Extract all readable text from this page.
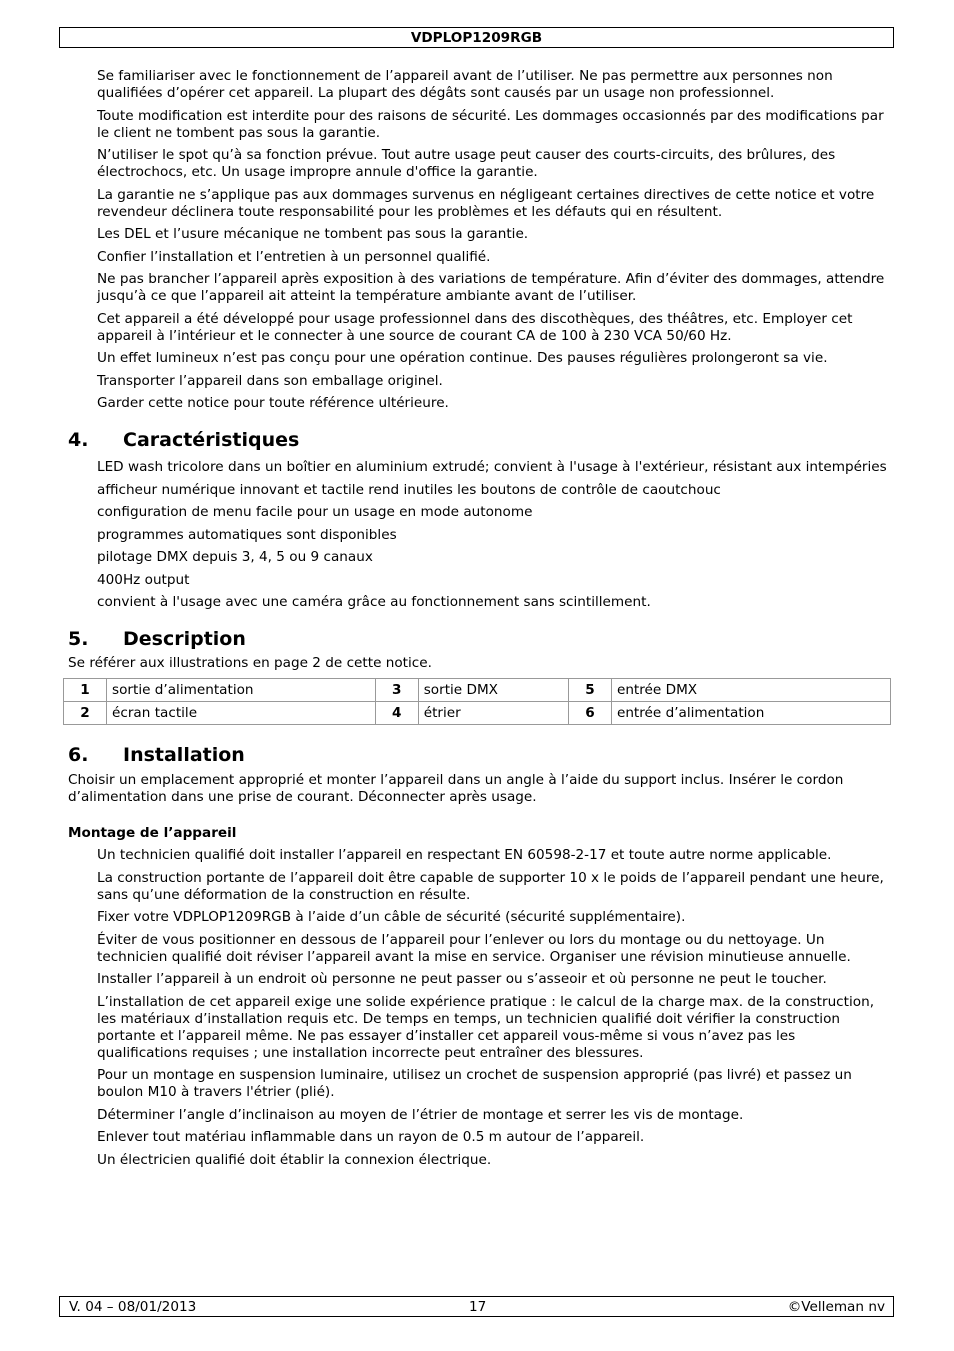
VDPLOP1209RGB

Se familiariser avec le fonctionnement de l’appareil avant de l’utiliser. Ne pas permettre aux personnes non qualifiées d’opérer cet appareil. La plupart des dégâts sont causés par un usage non professionnel.

Toute modification est interdite pour des raisons de sécurité. Les dommages occasionnés par des modifications par le client ne tombent pas sous la garantie.

N’utiliser le spot qu’à sa fonction prévue. Tout autre usage peut causer des courts-circuits, des brûlures, des électrochocs, etc. Un usage impropre annule d'office la garantie.

La garantie ne s’applique pas aux dommages survenus en négligeant certaines directives de cette notice et votre revendeur déclinera toute responsabilité pour les problèmes et les défauts qui en résultent.

Les DEL et l’usure mécanique ne tombent pas sous la garantie.

Confier l’installation et l’entretien à un personnel qualifié.

Ne pas brancher l’appareil après exposition à des variations de température. Afin d’éviter des dommages, attendre jusqu’à ce que l’appareil ait atteint la température ambiante avant de l’utiliser.

Cet appareil a été développé pour usage professionnel dans des discothèques, des théâtres, etc. Employer cet appareil à l’intérieur et le connecter à une source de courant CA de 100 à 230 VCA 50/60 Hz.

Un effet lumineux n’est pas conçu pour une opération continue. Des pauses régulières prolongeront sa vie.

Transporter l’appareil dans son emballage originel.

Garder cette notice pour toute référence ultérieure.

4.	Caractéristiques

LED wash tricolore dans un boîtier en aluminium extrudé; convient à l'usage à l'extérieur, résistant aux intempéries

afficheur numérique innovant et tactile rend inutiles les boutons de contrôle de caoutchouc

configuration de menu facile pour un usage en mode autonome

programmes automatiques sont disponibles

pilotage DMX depuis 3, 4, 5 ou 9 canaux

400Hz output

convient à l'usage avec une caméra grâce au fonctionnement sans scintillement.

5.	Description

Se référer aux illustrations en page 2 de cette notice.

1	sortie d’alimentation	3	sortie DMX	5	entrée DMX
2	écran tactile	4	étrier	6	entrée d’alimentation
6.	Installation

Choisir un emplacement approprié et monter l’appareil dans un angle à l’aide du support inclus. Insérer le cordon d’alimentation dans une prise de courant. Déconnecter après usage.

Montage de l’appareil

Un technicien qualifié doit installer l’appareil en respectant EN 60598-2-17 et toute autre norme applicable.

La construction portante de l’appareil doit être capable de supporter 10 x le poids de l’appareil pendant une heure, sans qu’une déformation de la construction en résulte.

Fixer votre VDPLOP1209RGB à l’aide d’un câble de sécurité (sécurité supplémentaire).

Éviter de vous positionner en dessous de l’appareil pour l’enlever ou lors du montage ou du nettoyage. Un technicien qualifié doit réviser l’appareil avant la mise en service. Organiser une révision minutieuse annuelle.

Installer l’appareil à un endroit où personne ne peut passer ou s’asseoir et où personne ne peut le toucher.

L’installation de cet appareil exige une solide expérience pratique : le calcul de la charge max. de la construction, les matériaux d’installation requis etc. De temps en temps, un technicien qualifié doit vérifier la construction portante et l’appareil même. Ne pas essayer d’installer cet appareil vous-même si vous n’avez pas les qualifications requises ; une installation incorrecte peut entraîner des blessures.

Pour un montage en suspension luminaire, utilisez un crochet de suspension approprié (pas livré) et passez un boulon M10 à travers l'étrier (plié).

Déterminer l’angle d’inclinaison au moyen de l’étrier de montage et serrer les vis de montage.

Enlever tout matériau inflammable dans un rayon de 0.5 m autour de l’appareil.

Un électricien qualifié doit établir la connexion électrique.

V. 04 – 08/01/2013	17	©Velleman nv
